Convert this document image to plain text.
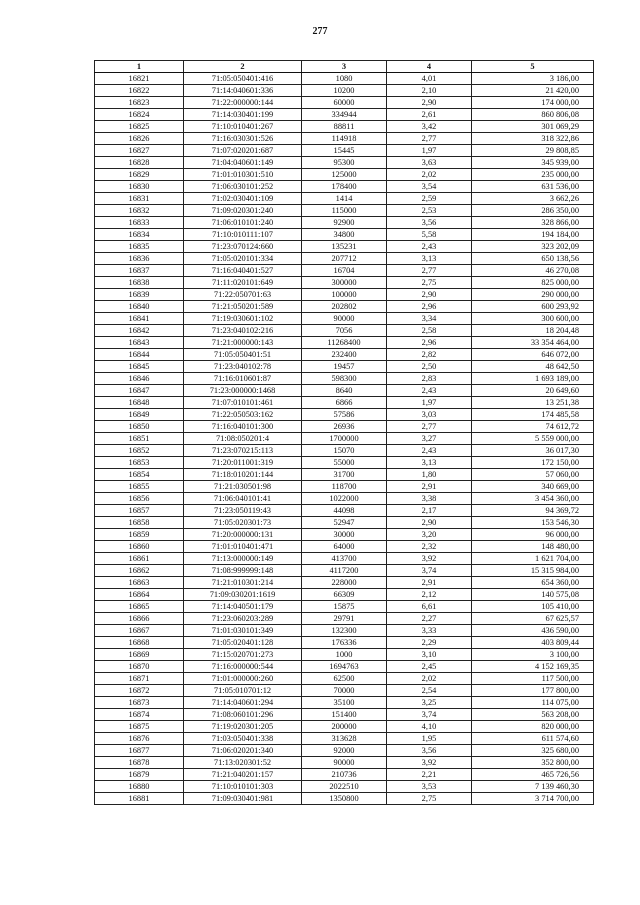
277
1	2	3	4	5
16821	71:05:050401:416	1080	4,01	3 186,00
16822	71:14:040601:336	10200	2,10	21 420,00
16823	71:22:000000:144	60000	2,90	174 000,00
16824	71:14:030401:199	334944	2,61	860 806,08
16825	71:10:010401:267	88811	3,42	301 069,29
16826	71:16:030301:526	114918	2,77	318 322,86
16827	71:07:020201:687	15445	1,97	29 808,85
16828	71:04:040601:149	95300	3,63	345 939,00
16829	71:01:010301:510	125000	2,02	235 000,00
16830	71:06:030101:252	178400	3,54	631 536,00
16831	71:02:030401:109	1414	2,59	3 662,26
16832	71:09:020301:240	115000	2,53	286 350,00
16833	71:06:010101:240	92900	3,56	328 866,00
16834	71:10:010111:107	34800	5,58	194 184,00
16835	71:23:070124:660	135231	2,43	323 202,09
16836	71:05:020101:334	207712	3,13	650 138,56
16837	71:16:040401:527	16704	2,77	46 270,08
16838	71:11:020101:649	300000	2,75	825 000,00
16839	71:22:050701:63	100000	2,90	290 000,00
16840	71:21:050201:589	202802	2,96	600 293,92
16841	71:19:030601:102	90000	3,34	300 600,00
16842	71:23:040102:216	7056	2,58	18 204,48
16843	71:21:000000:143	11268400	2,96	33 354 464,00
16844	71:05:050401:51	232400	2,82	646 072,00
16845	71:23:040102:78	19457	2,50	48 642,50
16846	71:16:010601:87	598300	2,83	1 693 189,00
16847	71:23:000000:1468	8640	2,43	20 649,60
16848	71:07:010101:461	6866	1,97	13 251,38
16849	71:22:050503:162	57586	3,03	174 485,58
16850	71:16:040101:300	26936	2,77	74 612,72
16851	71:08:050201:4	1700000	3,27	5 559 000,00
16852	71:23:070215:113	15070	2,43	36 017,30
16853	71:20:011001:319	55000	3,13	172 150,00
16854	71:18:010201:144	31700	1,80	57 060,00
16855	71:21:030501:98	118700	2,91	340 669,00
16856	71:06:040101:41	1022000	3,38	3 454 360,00
16857	71:23:050119:43	44098	2,17	94 369,72
16858	71:05:020301:73	52947	2,90	153 546,30
16859	71:20:000000:131	30000	3,20	96 000,00
16860	71:01:010401:471	64000	2,32	148 480,00
16861	71:13:000000:149	413700	3,92	1 621 704,00
16862	71:08:999999:148	4117200	3,74	15 315 984,00
16863	71:21:010301:214	228000	2,91	654 360,00
16864	71:09:030201:1619	66309	2,12	140 575,08
16865	71:14:040501:179	15875	6,61	105 410,00
16866	71:23:060203:289	29791	2,27	67 625,57
16867	71:01:030101:349	132300	3,33	436 590,00
16868	71:05:020401:128	176336	2,29	403 809,44
16869	71:15:020701:273	1000	3,10	3 100,00
16870	71:16:000000:544	1694763	2,45	4 152 169,35
16871	71:01:000000:260	62500	2,02	117 500,00
16872	71:05:010701:12	70000	2,54	177 800,00
16873	71:14:040601:294	35100	3,25	114 075,00
16874	71:08:060101:296	151400	3,74	563 208,00
16875	71:19:020301:205	200000	4,10	820 000,00
16876	71:03:050401:338	313628	1,95	611 574,60
16877	71:06:020201:340	92000	3,56	325 680,00
16878	71:13:020301:52	90000	3,92	352 800,00
16879	71:21:040201:157	210736	2,21	465 726,56
16880	71:10:010101:303	2022510	3,53	7 139 460,30
16881	71:09:030401:981	1350800	2,75	3 714 700,00
